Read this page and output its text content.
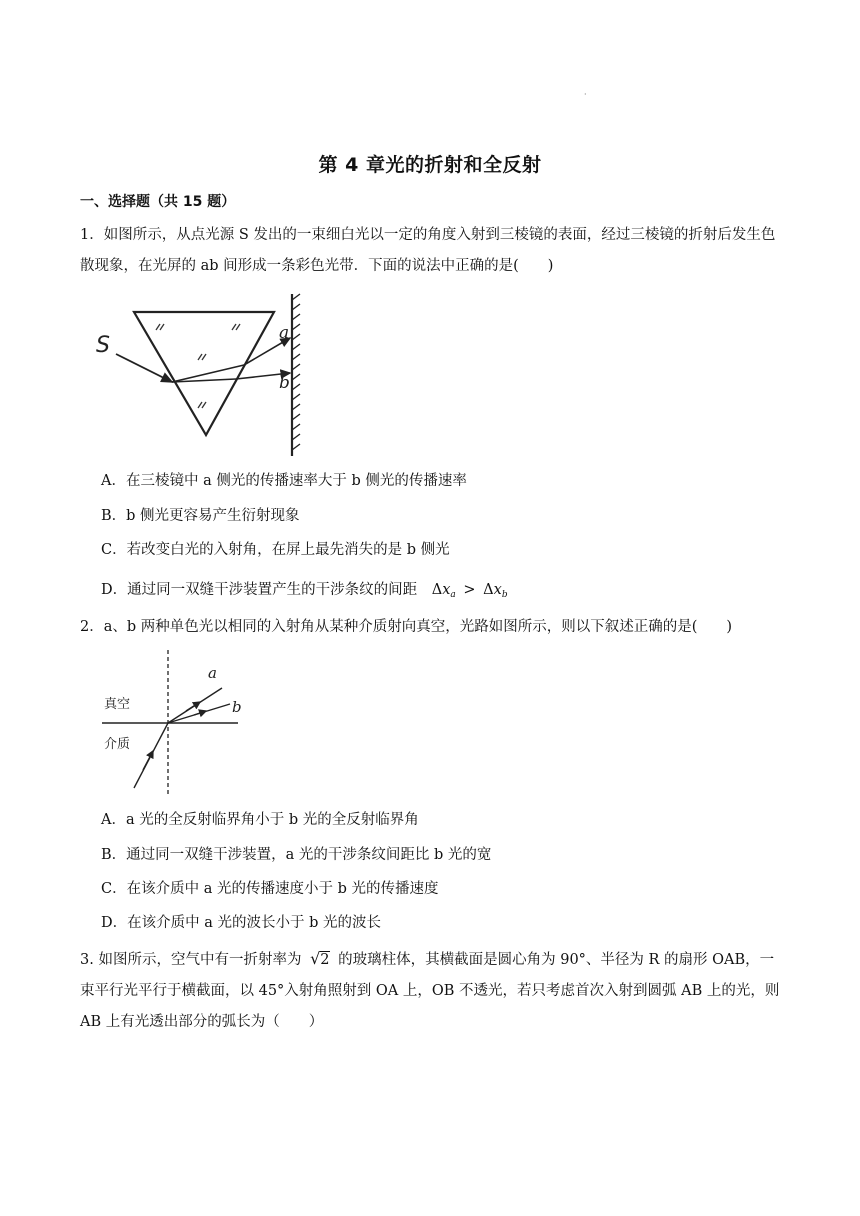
·
第 4 章光的折射和全反射
一、选择题（共 15 题）
1．如图所示，从点光源 S 发出的一束细白光以一定的角度入射到三棱镜的表面，经过三棱镜的折射后发生色散现象，在光屏的 ab 间形成一条彩色光带．下面的说法中正确的是(　　)
S	a
b
A．在三棱镜中 a 侧光的传播速率大于 b 侧光的传播速率
B．b 侧光更容易产生衍射现象
C．若改变白光的入射角，在屏上最先消失的是 b 侧光
D．通过同一双缝干涉装置产生的干涉条纹的间距 $\Delta x_a > \Delta x_b$
2．a、b 两种单色光以相同的入射角从某种介质射向真空，光路如图所示，则以下叙述正确的是(　　)
a
b
真空
介质
A．a 光的全反射临界角小于 b 光的全反射临界角
B．通过同一双缝干涉装置，a 光的干涉条纹间距比 b 光的宽
C．在该介质中 a 光的传播速度小于 b 光的传播速度
D．在该介质中 a 光的波长小于 b 光的波长
3. 如图所示，空气中有一折射率为 √2 的玻璃柱体，其横截面是圆心角为 90°、半径为 R 的扇形 OAB，一束平行光平行于横截面，以 45°入射角照射到 OA 上，OB 不透光，若只考虑首次入射到圆弧 AB 上的光，则 AB 上有光透出部分的弧长为（　　）
